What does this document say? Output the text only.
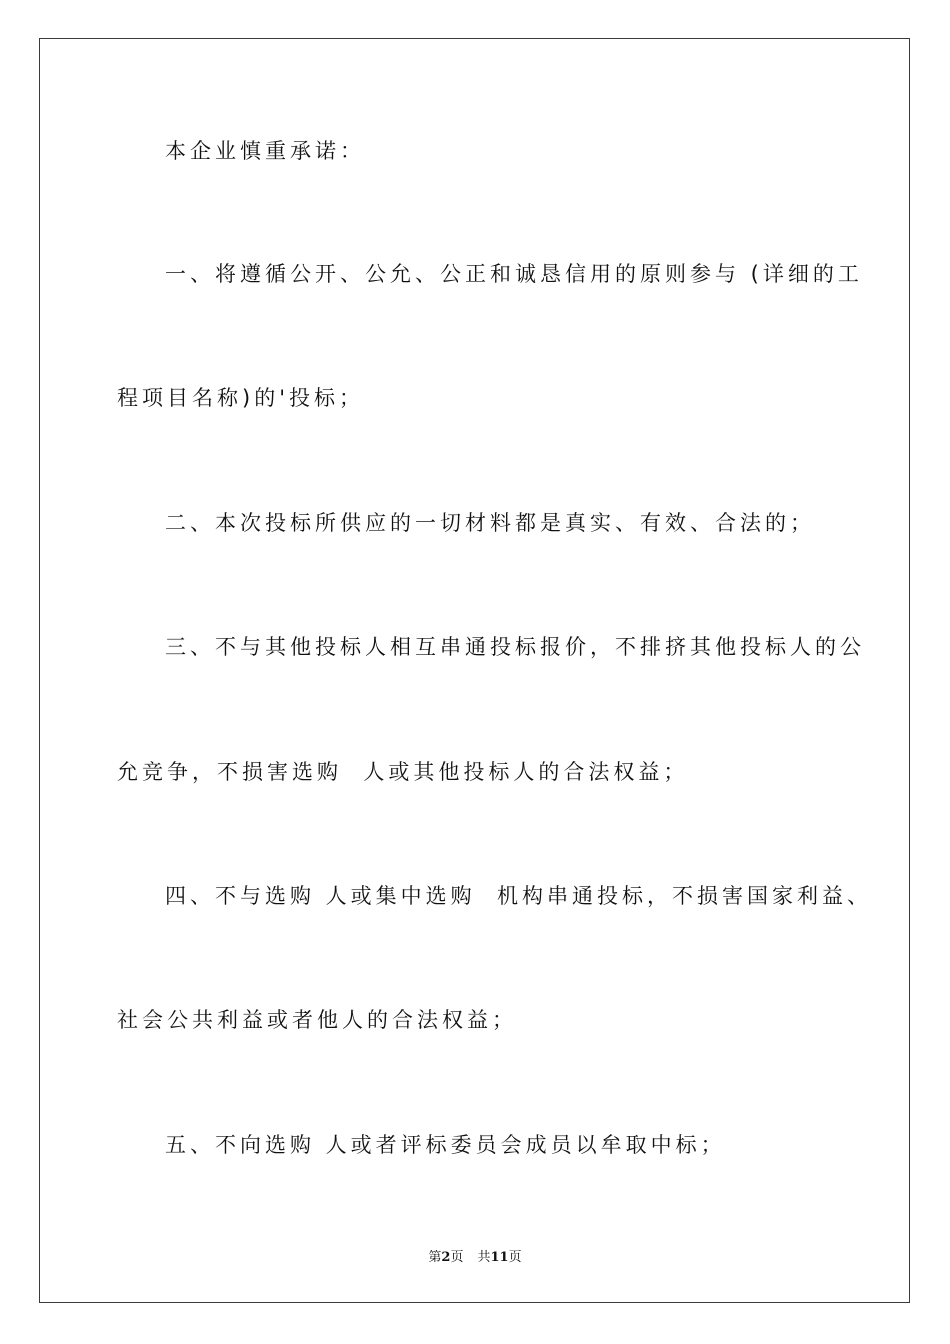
本企业慎重承诺：
一、将遵循公开、公允、公正和诚恳信用的原则参与 (详细的工
程项目名称)的'投标；
二、本次投标所供应的一切材料都是真实、有效、合法的；
三、不与其他投标人相互串通投标报价，不排挤其他投标人的公
允竞争，不损害选购  人或其他投标人的合法权益；
四、不与选购 人或集中选购  机构串通投标，不损害国家利益、
社会公共利益或者他人的合法权益；
五、不向选购 人或者评标委员会成员以牟取中标；
第2页 共11页
